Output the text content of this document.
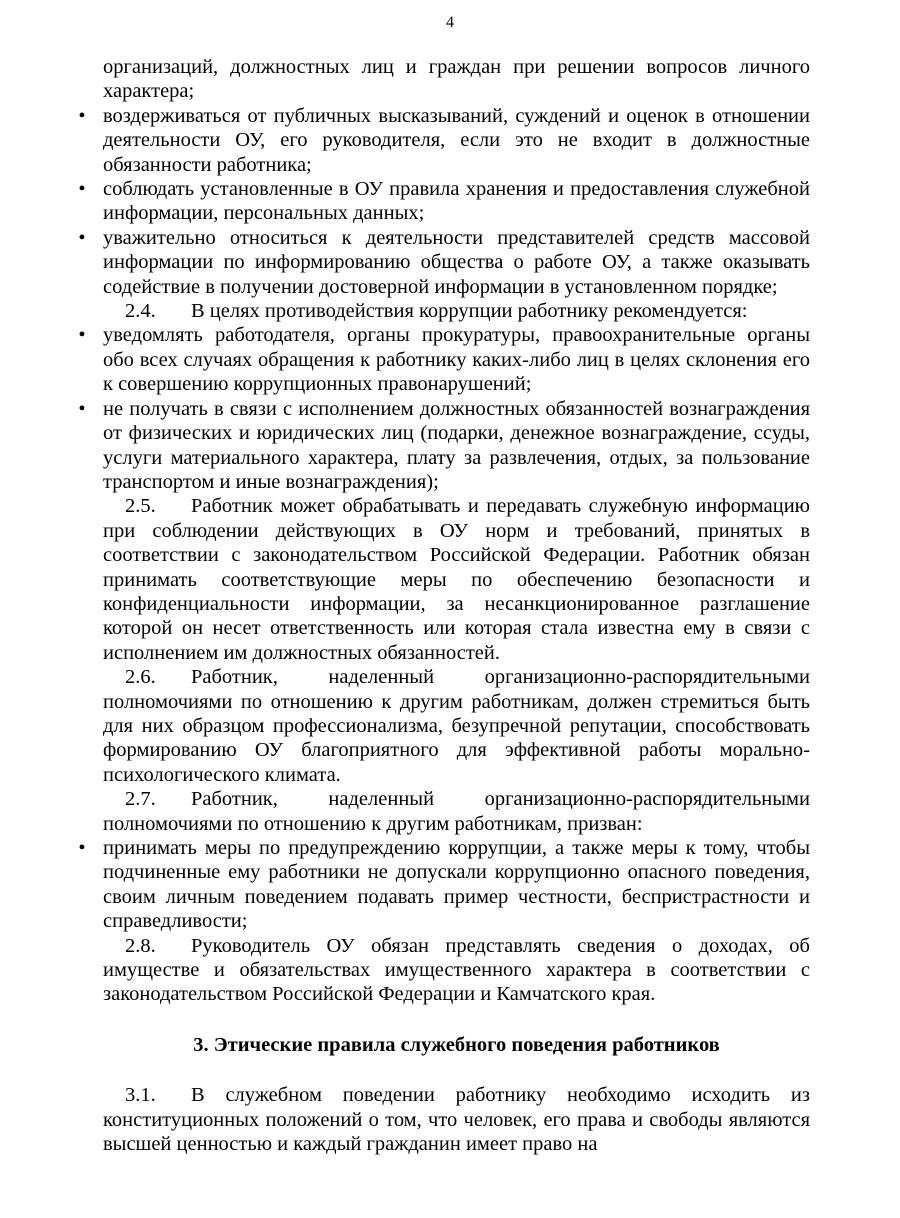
4

организаций, должностных лиц и граждан при решении вопросов личного характера;

• воздерживаться от публичных высказываний, суждений и оценок в отношении деятельности ОУ, его руководителя, если это не входит в должностные обязанности работника;

• соблюдать установленные в ОУ правила хранения и предоставления служебной информации, персональных данных;

• уважительно относиться к деятельности представителей средств массовой информации по информированию общества о работе ОУ, а также оказывать содействие в получении достоверной информации в установленном порядке;

2.4. В целях противодействия коррупции работнику рекомендуется:

• уведомлять работодателя, органы прокуратуры, правоохранительные органы обо всех случаях обращения к работнику каких-либо лиц в целях склонения его к совершению коррупционных правонарушений;

• не получать в связи с исполнением должностных обязанностей вознаграждения от физических и юридических лиц (подарки, денежное вознаграждение, ссуды, услуги материального характера, плату за развлечения, отдых, за пользование транспортом и иные вознаграждения);

2.5. Работник может обрабатывать и передавать служебную информацию

при соблюдении действующих в ОУ норм и требований, принятых в соответствии с законодательством Российской Федерации. Работник обязан принимать соответствующие меры по обеспечению безопасности и конфиденциальности информации, за несанкционированное разглашение которой он несет ответственность или которая стала известна ему в связи с исполнением им должностных обязанностей.

2.6. Работник, наделенный организационно-распорядительными полномочиями по отношению к другим работникам, должен стремиться быть для них образцом профессионализма, безупречной репутации, способствовать формированию ОУ благоприятного для эффективной работы морально-психологического климата.

2.7. Работник, наделенный организационно-распорядительными полномочиями по отношению к другим работникам, призван:

• принимать меры по предупреждению коррупции, а также меры к тому, чтобы подчиненные ему работники не допускали коррупционно опасного поведения, своим личным поведением подавать пример честности, беспристрастности и справедливости;

2.8. Руководитель ОУ обязан представлять сведения о доходах, об имуществе и обязательствах имущественного характера в соответствии с законодательством Российской Федерации и Камчатского края.

3. Этические правила служебного поведения работников

3.1. В служебном поведении работнику необходимо исходить из конституционных положений о том, что человек, его права и свободы являются высшей ценностью и каждый гражданин имеет право на
